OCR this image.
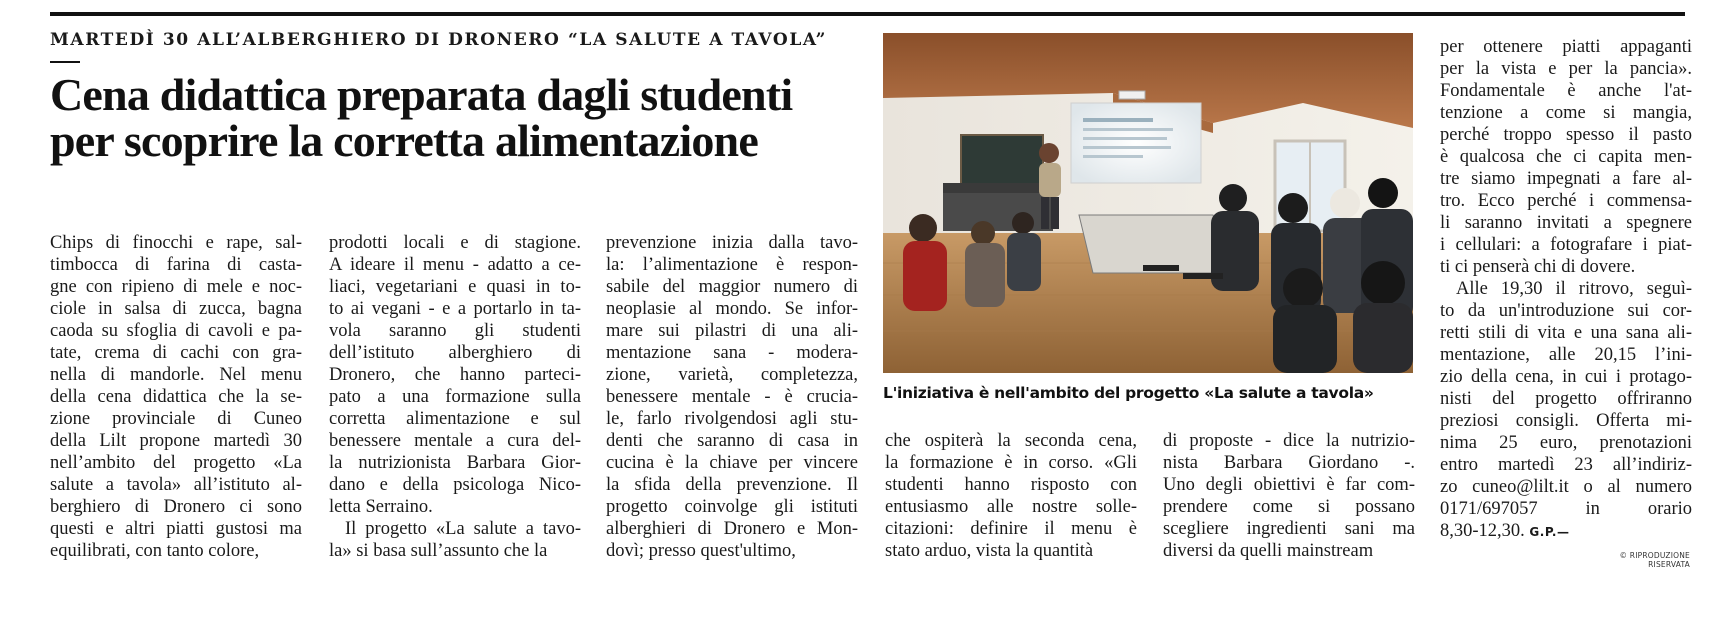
MARTEDÌ 30 ALL’ALBERGHIERO DI DRONERO “LA SALUTE A TAVOLA”
Cena didattica preparata dagli studenti
per scoprire la corretta alimentazione
Chips di finocchi e rape, sal-
timbocca di farina di casta-
gne con ripieno di mele e noc-
ciole in salsa di zucca, bagna
caoda su sfoglia di cavoli e pa-
tate, crema di cachi con gra-
nella di mandorle. Nel menu
della cena didattica che la se-
zione provinciale di Cuneo
della Lilt propone martedì 30
nell’ambito del progetto «La
salute a tavola» all’istituto al-
berghiero di Dronero ci sono
questi e altri piatti gustosi ma
equilibrati, con tanto colore,
prodotti locali e di stagione.
A ideare il menu - adatto a ce-
liaci, vegetariani e quasi in to-
to ai vegani - e a portarlo in ta-
vola saranno gli studenti
dell’istituto alberghiero di
Dronero, che hanno parteci-
pato a una formazione sulla
corretta alimentazione e sul
benessere mentale a cura del-
la nutrizionista Barbara Gior-
dano e della psicologa Nico-
letta Serraino.
Il progetto «La salute a tavo-
la» si basa sull’assunto che la
prevenzione inizia dalla tavo-
la: l’alimentazione è respon-
sabile del maggior numero di
neoplasie al mondo. Se infor-
mare sui pilastri di una ali-
mentazione sana - modera-
zione, varietà, completezza,
benessere mentale - è crucia-
le, farlo rivolgendosi agli stu-
denti che saranno di casa in
cucina è la chiave per vincere
la sfida della prevenzione. Il
progetto coinvolge gli istituti
alberghieri di Dronero e Mon-
dovì; presso quest'ultimo,
che ospiterà la seconda cena,
la formazione è in corso. «Gli
studenti hanno risposto con
entusiasmo alle nostre solle-
citazioni: definire il menu è
stato arduo, vista la quantità
di proposte - dice la nutrizio-
nista Barbara Giordano -.
Uno degli obiettivi è far com-
prendere come si possano
scegliere ingredienti sani ma
diversi da quelli mainstream
per ottenere piatti appaganti
per la vista e per la pancia».
Fondamentale è anche l'at-
tenzione a come si mangia,
perché troppo spesso il pasto
è qualcosa che ci capita men-
tre siamo impegnati a fare al-
tro. Ecco perché i commensa-
li saranno invitati a spegnere
i cellulari: a fotografare i piat-
ti ci penserà chi di dovere.
Alle 19,30 il ritrovo, seguì-
to da un'introduzione sui cor-
retti stili di vita e una sana ali-
mentazione, alle 20,15 l’ini-
zio della cena, in cui i protago-
nisti del progetto offriranno
preziosi consigli. Offerta mi-
nima 25 euro, prenotazioni
entro martedì 23 all’indiriz-
zo cuneo@lilt.it o al numero
0171/697057 in orario
8,30-12,30. G.P.—
L'iniziativa è nell'ambito del progetto «La salute a tavola»
© RIPRODUZIONE RISERVATA
